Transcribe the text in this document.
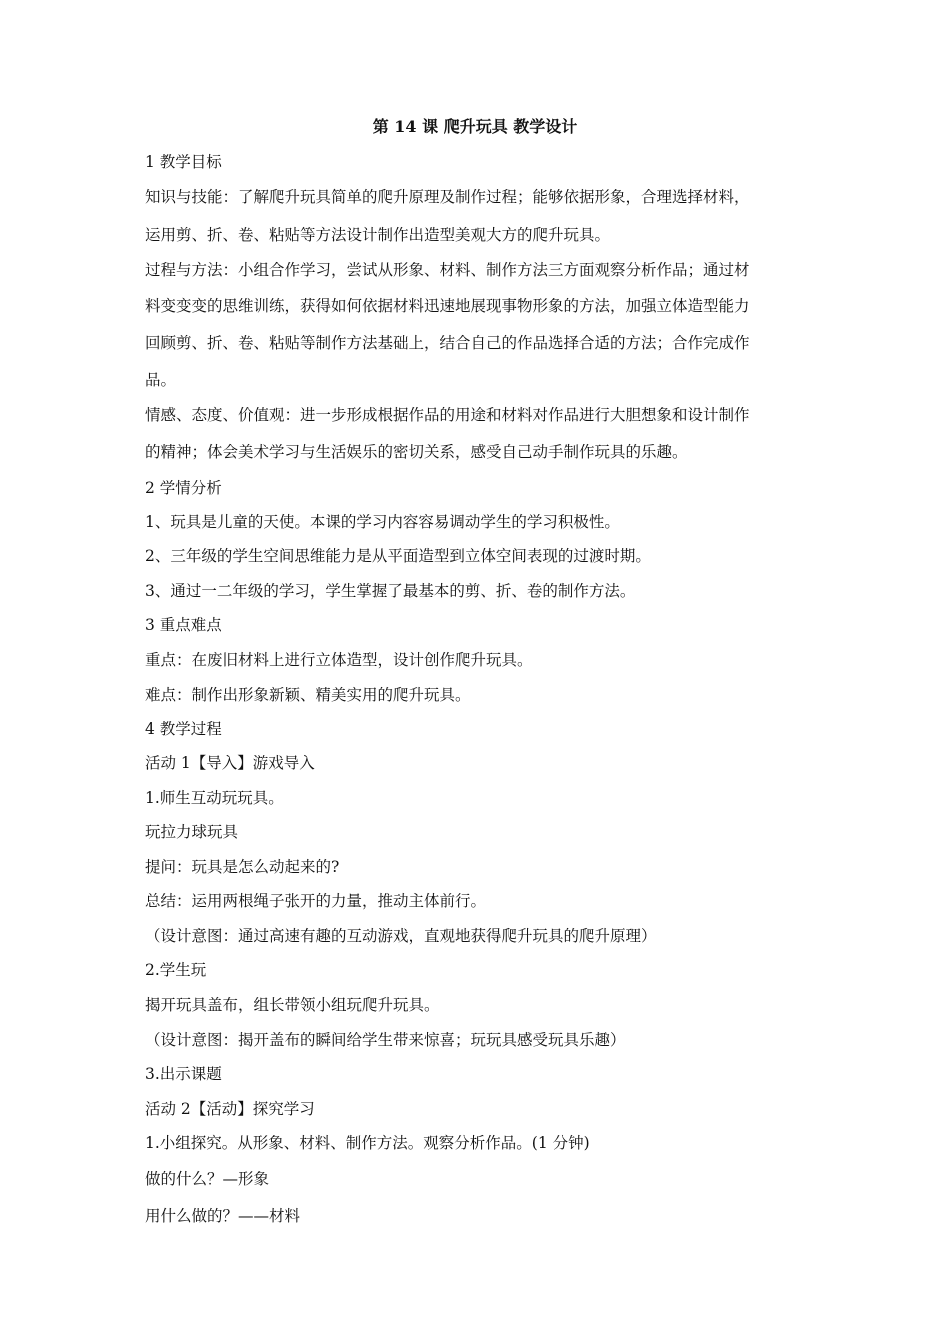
第 14 课 爬升玩具 教学设计
1 教学目标
知识与技能：了解爬升玩具简单的爬升原理及制作过程；能够依据形象，合理选择材料，
运用剪、折、卷、粘贴等方法设计制作出造型美观大方的爬升玩具。
过程与方法：小组合作学习，尝试从形象、材料、制作方法三方面观察分析作品；通过材
料变变变的思维训练，获得如何依据材料迅速地展现事物形象的方法，加强立体造型能力
回顾剪、折、卷、粘贴等制作方法基础上，结合自己的作品选择合适的方法；合作完成作
品。
情感、态度、价值观：进一步形成根据作品的用途和材料对作品进行大胆想象和设计制作
的精神；体会美术学习与生活娱乐的密切关系，感受自己动手制作玩具的乐趣。
2 学情分析
1、玩具是儿童的天使。本课的学习内容容易调动学生的学习积极性。
2、三年级的学生空间思维能力是从平面造型到立体空间表现的过渡时期。
3、通过一二年级的学习，学生掌握了最基本的剪、折、卷的制作方法。
3 重点难点
重点：在废旧材料上进行立体造型，设计创作爬升玩具。
难点：制作出形象新颖、精美实用的爬升玩具。
4 教学过程
活动 1【导入】游戏导入
1.师生互动玩玩具。
玩拉力球玩具
提问：玩具是怎么动起来的?
总结：运用两根绳子张开的力量，推动主体前行。
（设计意图：通过高速有趣的互动游戏，直观地获得爬升玩具的爬升原理）
2.学生玩
揭开玩具盖布，组长带领小组玩爬升玩具。
（设计意图：揭开盖布的瞬间给学生带来惊喜；玩玩具感受玩具乐趣）
3.出示课题
活动 2【活动】探究学习
1.小组探究。从形象、材料、制作方法。观察分析作品。(1 分钟)
做的什么？—形象
用什么做的？——材料
